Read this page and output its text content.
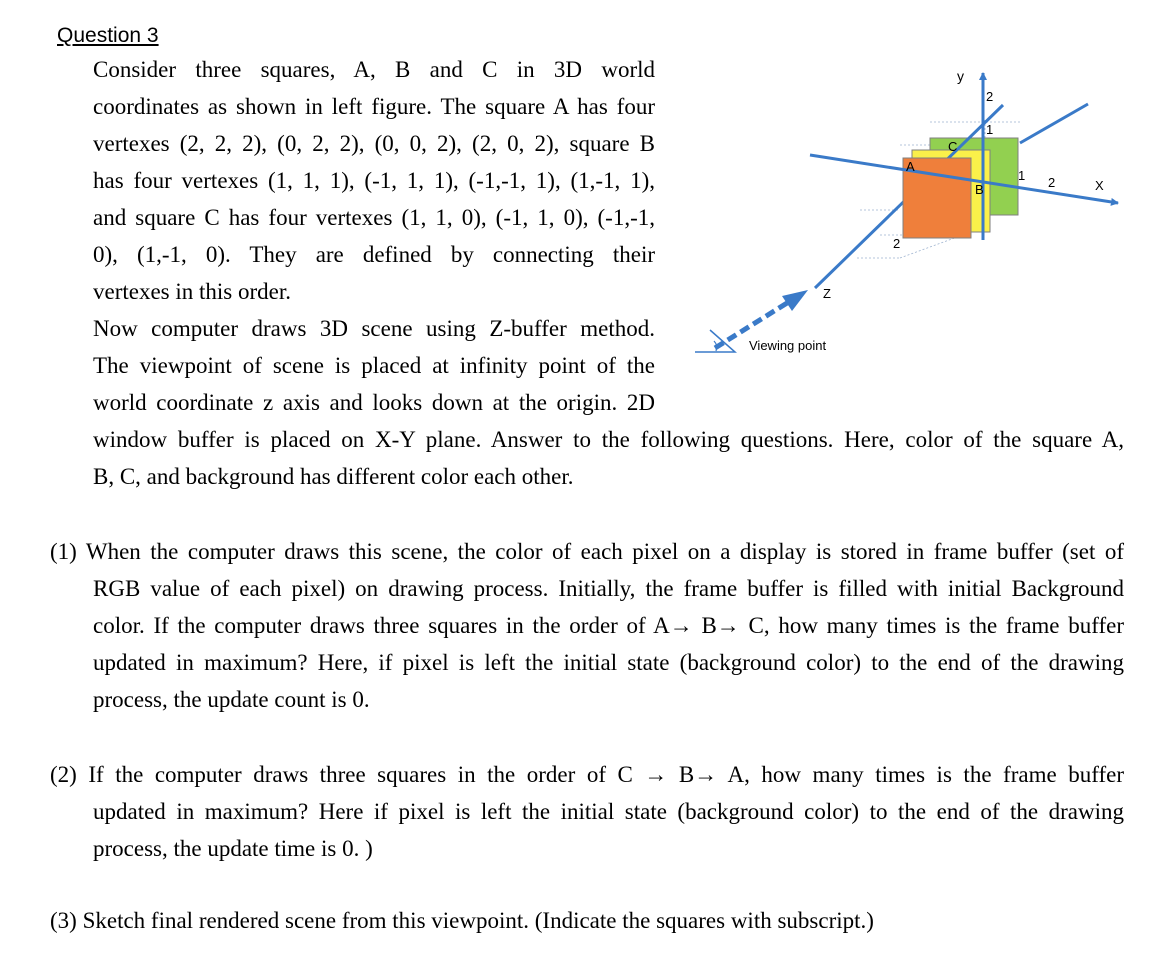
Question 3
Consider three squares, A, B and C in 3D world
coordinates as shown in left figure. The square A has four
vertexes (2, 2, 2), (0, 2, 2), (0, 0, 2), (2, 0, 2), square B
has four vertexes (1, 1, 1), (-1, 1, 1), (-1,-1, 1), (1,-1, 1),
and square C has four vertexes (1, 1, 0), (-1, 1, 0), (-1,-1,
0), (1,-1, 0). They are defined by connecting their
vertexes in this order.
Now computer draws 3D scene using Z-buffer method.
The viewpoint of scene is placed at infinity point of the
world coordinate z axis and looks down at the origin. 2D
window buffer is placed on X-Y plane. Answer to the following questions. Here, color of the square A,
B, C, and background has different color each other.
(1) When the computer draws this scene, the color of each pixel on a display is stored in frame buffer (set of
RGB value of each pixel) on drawing process. Initially, the frame buffer is filled with initial Background
color. If the computer draws three squares in the order of A→ B→ C, how many times is the frame buffer
updated in maximum? Here, if pixel is left the initial state (background color) to the end of the drawing
process, the update count is 0.
(2) If the computer draws three squares in the order of C → B→ A, how many times is the frame buffer
updated in maximum? Here if pixel is left the initial state (background color) to the end of the drawing
process, the update time is 0. )
(3) Sketch final rendered scene from this viewpoint. (Indicate the squares with subscript.)
y
2
1
C
A
B
1 2	X
2
Z
Viewing point
